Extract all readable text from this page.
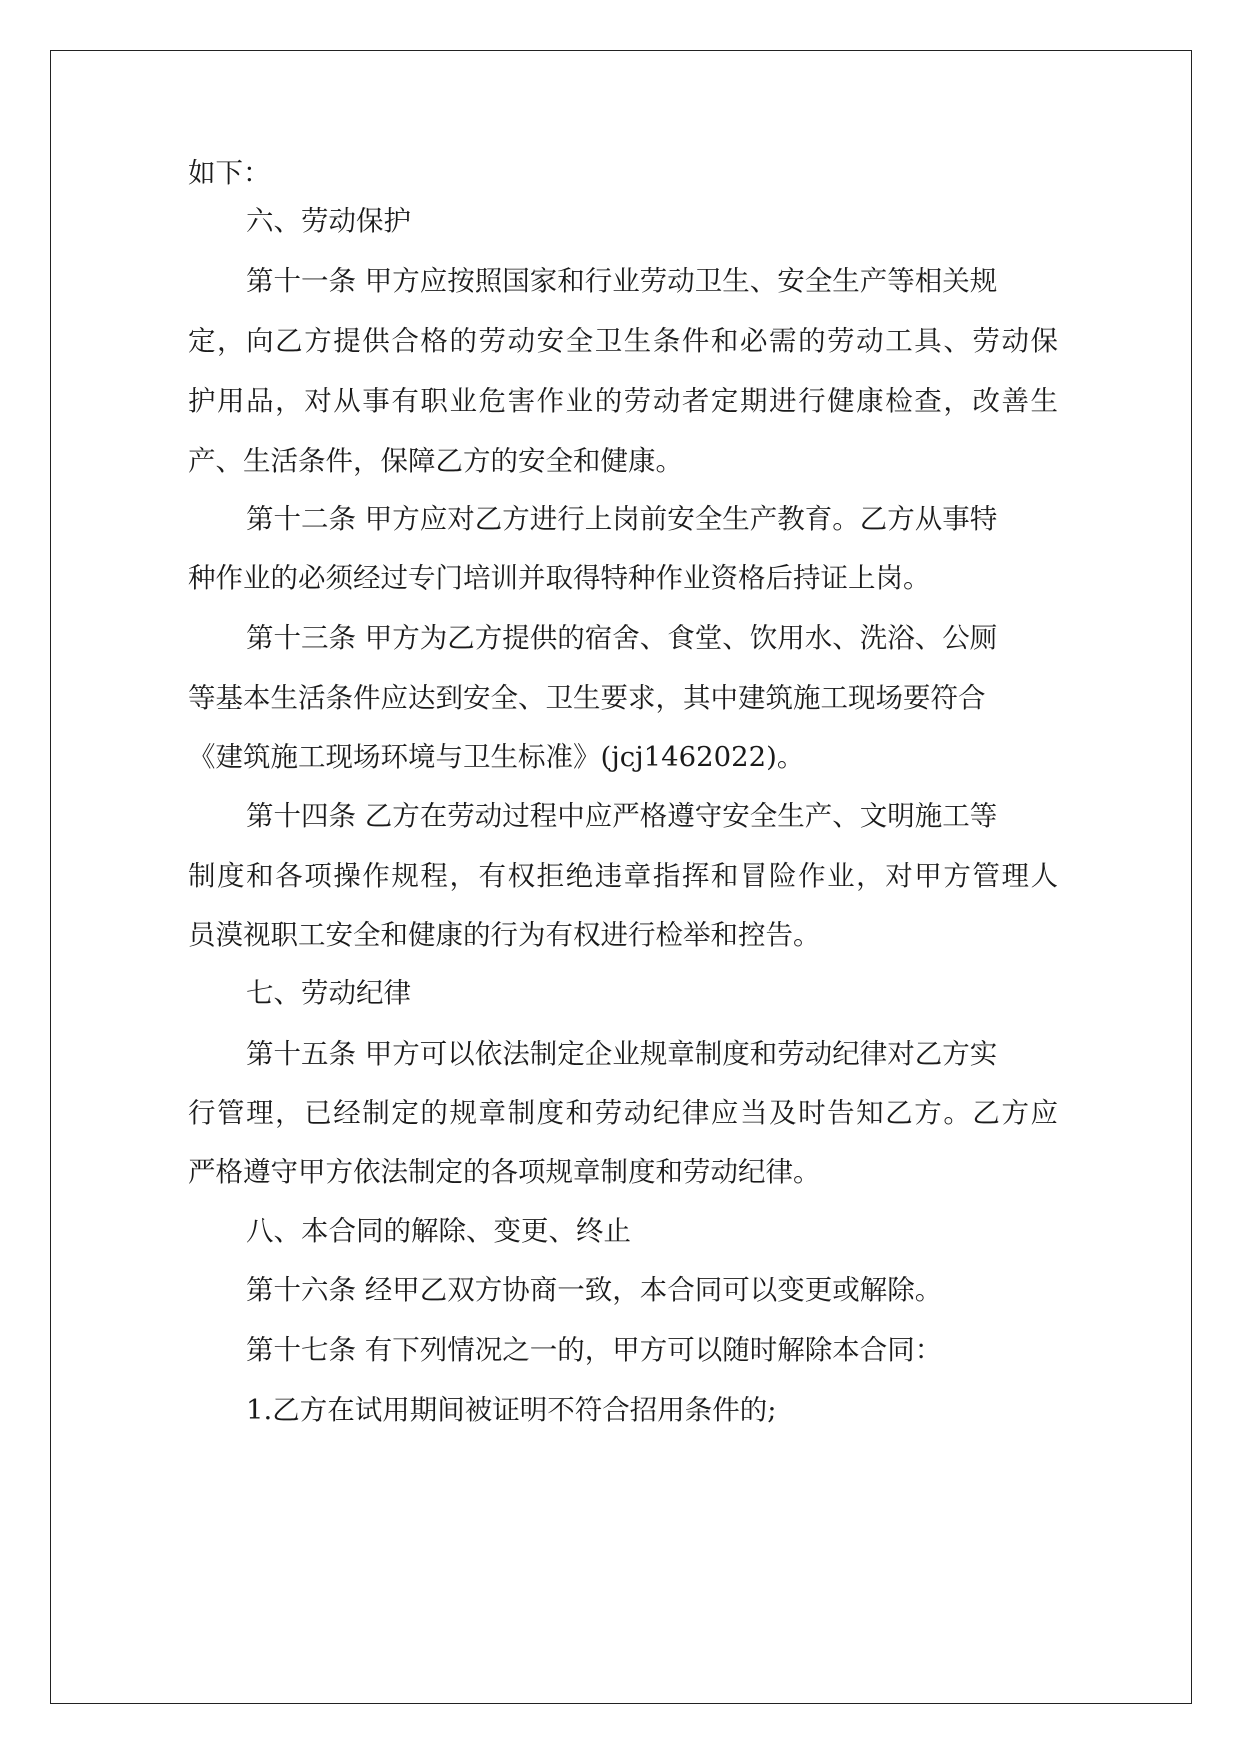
如下：
六、劳动保护
第十一条 甲方应按照国家和行业劳动卫生、安全生产等相关规
定，向乙方提供合格的劳动安全卫生条件和必需的劳动工具、劳动保
护用品，对从事有职业危害作业的劳动者定期进行健康检查，改善生
产、生活条件，保障乙方的安全和健康。
第十二条 甲方应对乙方进行上岗前安全生产教育。乙方从事特
种作业的必须经过专门培训并取得特种作业资格后持证上岗。
第十三条 甲方为乙方提供的宿舍、食堂、饮用水、洗浴、公厕
等基本生活条件应达到安全、卫生要求，其中建筑施工现场要符合
《建筑施工现场环境与卫生标准》(jcj1462022)。
第十四条 乙方在劳动过程中应严格遵守安全生产、文明施工等
制度和各项操作规程，有权拒绝违章指挥和冒险作业，对甲方管理人
员漠视职工安全和健康的行为有权进行检举和控告。
七、劳动纪律
第十五条 甲方可以依法制定企业规章制度和劳动纪律对乙方实
行管理，已经制定的规章制度和劳动纪律应当及时告知乙方。乙方应
严格遵守甲方依法制定的各项规章制度和劳动纪律。
八、本合同的解除、变更、终止
第十六条 经甲乙双方协商一致，本合同可以变更或解除。
第十七条 有下列情况之一的，甲方可以随时解除本合同：
1.乙方在试用期间被证明不符合招用条件的;
